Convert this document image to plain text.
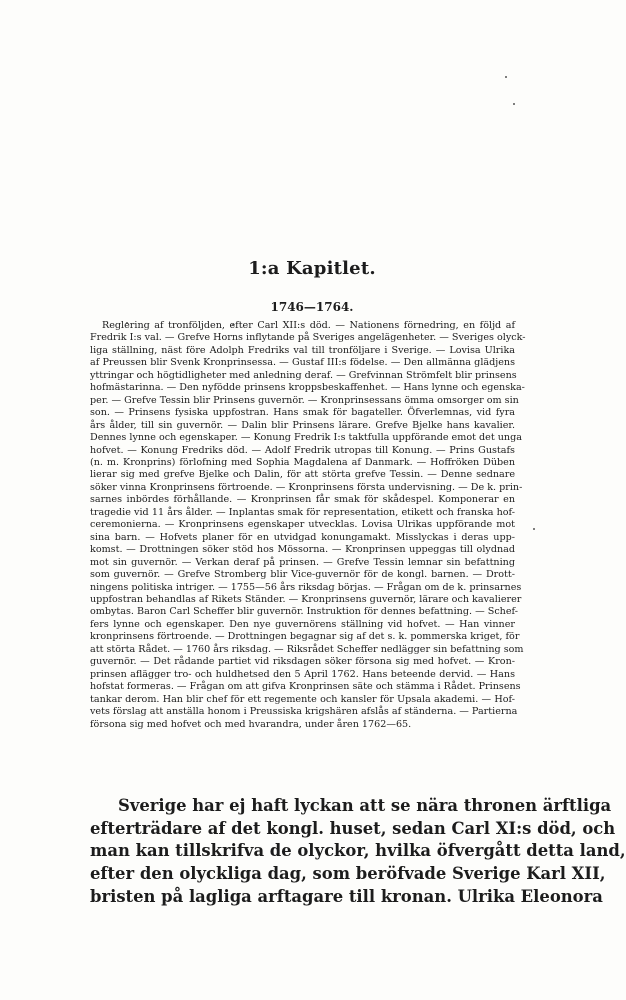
1:a Kapitlet.
1746—1764.
Reglering af tronföljden, efter Carl XII:s död. — Nationens förnedring, en följd af
Fredrik I:s val. — Grefve Horns inflytande på Sveriges angelägenheter. — Sveriges olyck-
liga ställning, näst före Adolph Fredriks val till tronföljare i Sverige. — Lovisa Ulrika
af Preussen blir Svenk Kronprinsessa. — Gustaf III:s födelse. — Den allmänna glädjens
yttringar och högtidligheter med anledning deraf. — Grefvinnan Strömfelt blir prinsens
hofmästarinna. — Den nyfödde prinsens kroppsbeskaffenhet. — Hans lynne och egenska-
per. — Grefve Tessin blir Prinsens guvernör. — Kronprinsessans ömma omsorger om sin
son. — Prinsens fysiska uppfostran. Hans smak för bagateller. Öfverlemnas, vid fyra
års ålder, till sin guvernör. — Dalin blir Prinsens lärare. Grefve Bjelke hans kavalier.
Dennes lynne och egenskaper. — Konung Fredrik I:s taktfulla uppförande emot det unga
hofvet. — Konung Fredriks död. — Adolf Fredrik utropas till Konung. — Prins Gustafs
(n. m. Kronprins) förlofning med Sophia Magdalena af Danmark. — Hoffröken Düben
lierar sig med grefve Bjelke och Dalin, för att störta grefve Tessin. — Denne sednare
söker vinna Kronprinsens förtroende. — Kronprinsens första undervisning. — De k. prin-
sarnes inbördes förhållande. — Kronprinsen får smak för skådespel. Komponerar en
tragedie vid 11 års ålder. — Inplantas smak för representation, etikett och franska hof-
ceremonierna. — Kronprinsens egenskaper utvecklas. Lovisa Ulrikas uppförande mot
sina barn. — Hofvets planer för en utvidgad konungamakt. Misslyckas i deras upp-
komst. — Drottningen söker stöd hos Mössorna. — Kronprinsen uppeggas till olydnad
mot sin guvernör. — Verkan deraf på prinsen. — Grefve Tessin lemnar sin befattning
som guvernör. — Grefve Stromberg blir Vice-guvernör för de kongl. barnen. — Drott-
ningens politiska intriger. — 1755—56 års riksdag börjas. — Frågan om de k. prinsarnes
uppfostran behandlas af Rikets Ständer. — Kronprinsens guvernör, lärare och kavalierer
ombytas. Baron Carl Scheffer blir guvernör. Instruktion för dennes befattning. — Schef-
fers lynne och egenskaper. Den nye guvernörens ställning vid hofvet. — Han vinner
kronprinsens förtroende. — Drottningen begagnar sig af det s. k. pommerska kriget, för
att störta Rådet. — 1760 års riksdag. — Riksrådet Scheffer nedlägger sin befattning som
guvernör. — Det rådande partiet vid riksdagen söker försona sig med hofvet. — Kron-
prinsen aflägger tro- och huldhetsed den 5 April 1762. Hans beteende dervid. — Hans
hofstat formeras. — Frågan om att gifva Kronprinsen säte och stämma i Rådet. Prinsens
tankar derom. Han blir chef för ett regemente och kansler för Upsala akademi. — Hof-
vets förslag att anställa honom i Preussiska krigshären afslås af ständerna. — Partierna
försona sig med hofvet och med hvarandra, under åren 1762—65.
Sverige har ej haft lyckan att se nära thronen ärftliga
efterträdare af det kongl. huset, sedan Carl XI:s död, och
man kan tillskrifva de olyckor, hvilka öfvergått detta land,
efter den olyckliga dag, som beröfvade Sverige Karl XII,
bristen på lagliga arftagare till kronan. Ulrika Eleonora
